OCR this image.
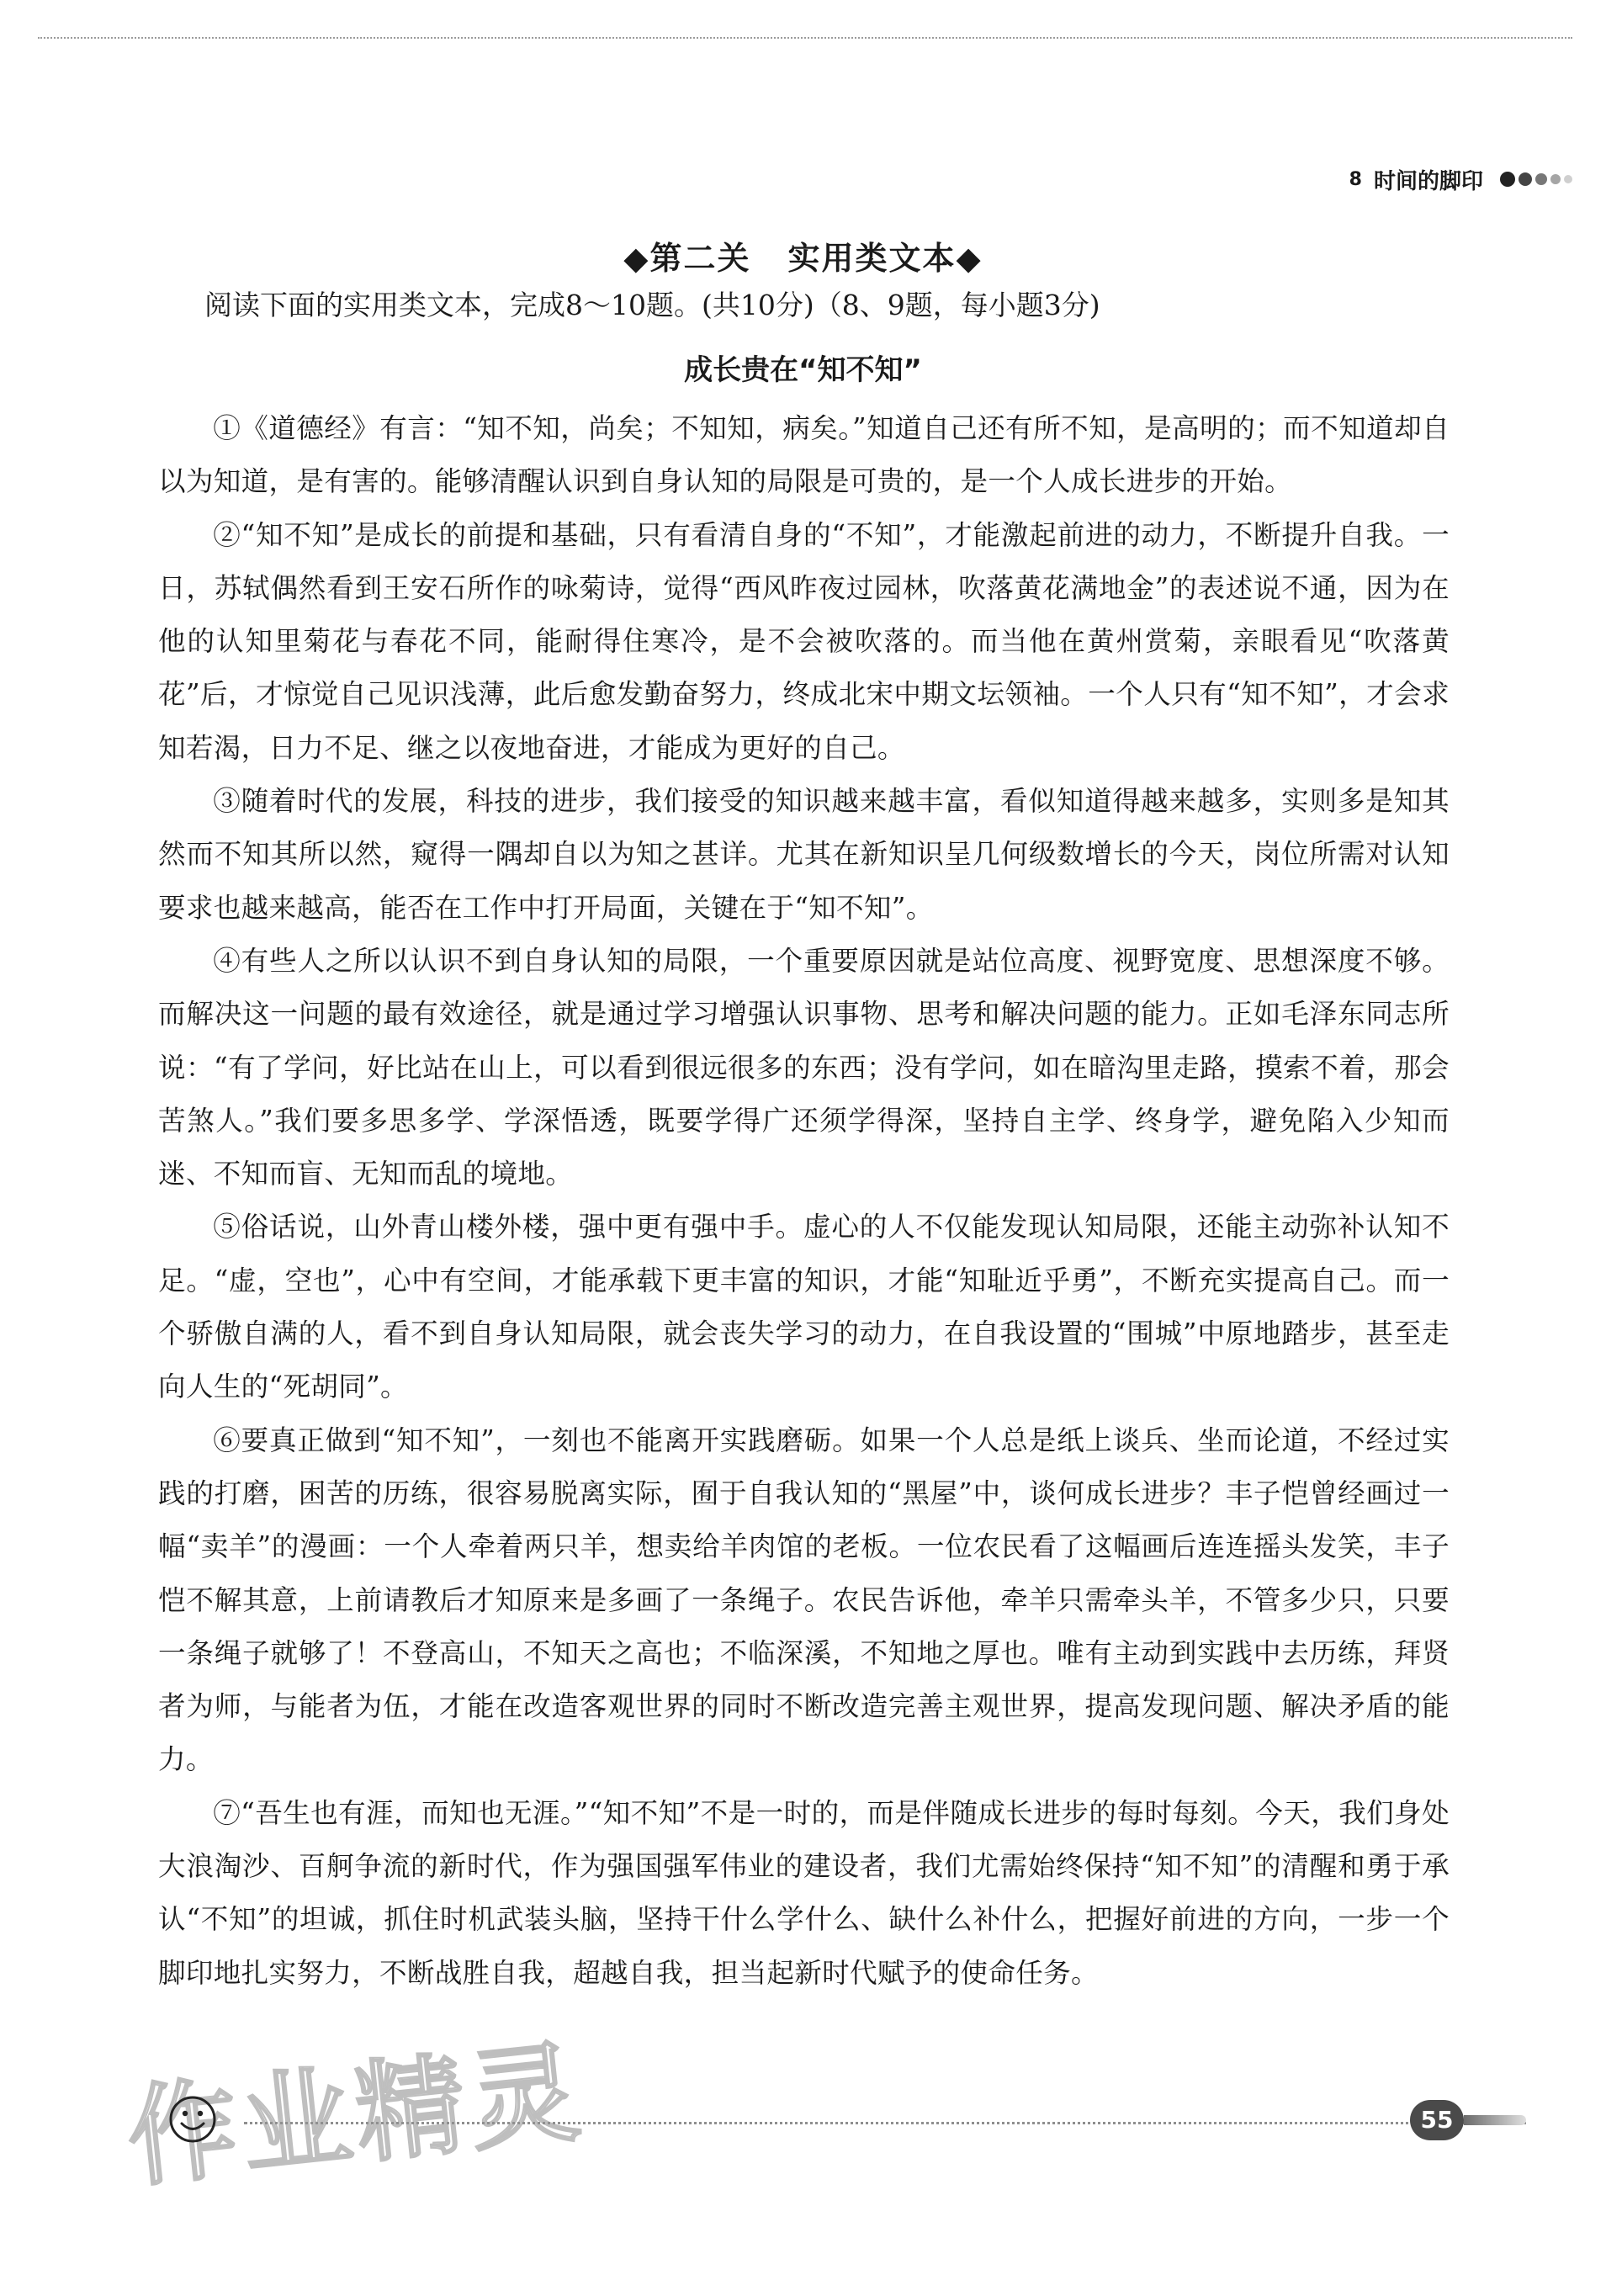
8 时间的脚印
◆第二关 实用类文本◆
阅读下面的实用类文本，完成8～10题。(共10分)（8、9题，每小题3分)
成长贵在“知不知”

①《道德经》有言：“知不知，尚矣；不知知，病矣。”知道自己还有所不知，是高明的；而不知道却自以为知道，是有害的。能够清醒认识到自身认知的局限是可贵的，是一个人成长进步的开始。

②“知不知”是成长的前提和基础，只有看清自身的“不知”，才能激起前进的动力，不断提升自我。一日，苏轼偶然看到王安石所作的咏菊诗，觉得“西风昨夜过园林，吹落黄花满地金”的表述说不通，因为在他的认知里菊花与春花不同，能耐得住寒冷，是不会被吹落的。而当他在黄州赏菊，亲眼看见“吹落黄花”后，才惊觉自己见识浅薄，此后愈发勤奋努力，终成北宋中期文坛领袖。一个人只有“知不知”，才会求知若渴，日力不足、继之以夜地奋进，才能成为更好的自己。

③随着时代的发展，科技的进步，我们接受的知识越来越丰富，看似知道得越来越多，实则多是知其然而不知其所以然，窥得一隅却自以为知之甚详。尤其在新知识呈几何级数增长的今天，岗位所需对认知要求也越来越高，能否在工作中打开局面，关键在于“知不知”。

④有些人之所以认识不到自身认知的局限，一个重要原因就是站位高度、视野宽度、思想深度不够。而解决这一问题的最有效途径，就是通过学习增强认识事物、思考和解决问题的能力。正如毛泽东同志所说：“有了学问，好比站在山上，可以看到很远很多的东西；没有学问，如在暗沟里走路，摸索不着，那会苦煞人。”我们要多思多学、学深悟透，既要学得广还须学得深，坚持自主学、终身学，避免陷入少知而迷、不知而盲、无知而乱的境地。

⑤俗话说，山外青山楼外楼，强中更有强中手。虚心的人不仅能发现认知局限，还能主动弥补认知不足。“虚，空也”，心中有空间，才能承载下更丰富的知识，才能“知耻近乎勇”，不断充实提高自己。而一个骄傲自满的人，看不到自身认知局限，就会丧失学习的动力，在自我设置的“围城”中原地踏步，甚至走向人生的“死胡同”。

⑥要真正做到“知不知”，一刻也不能离开实践磨砺。如果一个人总是纸上谈兵、坐而论道，不经过实践的打磨，困苦的历练，很容易脱离实际，囿于自我认知的“黑屋”中，谈何成长进步？丰子恺曾经画过一幅“卖羊”的漫画：一个人牵着两只羊，想卖给羊肉馆的老板。一位农民看了这幅画后连连摇头发笑，丰子恺不解其意，上前请教后才知原来是多画了一条绳子。农民告诉他，牵羊只需牵头羊，不管多少只，只要一条绳子就够了！不登高山，不知天之高也；不临深溪，不知地之厚也。唯有主动到实践中去历练，拜贤者为师，与能者为伍，才能在改造客观世界的同时不断改造完善主观世界，提高发现问题、解决矛盾的能力。

⑦“吾生也有涯，而知也无涯。”“知不知”不是一时的，而是伴随成长进步的每时每刻。今天，我们身处大浪淘沙、百舸争流的新时代，作为强国强军伟业的建设者，我们尤需始终保持“知不知”的清醒和勇于承认“不知”的坦诚，抓住时机武装头脑，坚持干什么学什么、缺什么补什么，把握好前进的方向，一步一个脚印地扎实努力，不断战胜自我，超越自我，担当起新时代赋予的使命任务。

作业精灵	55
